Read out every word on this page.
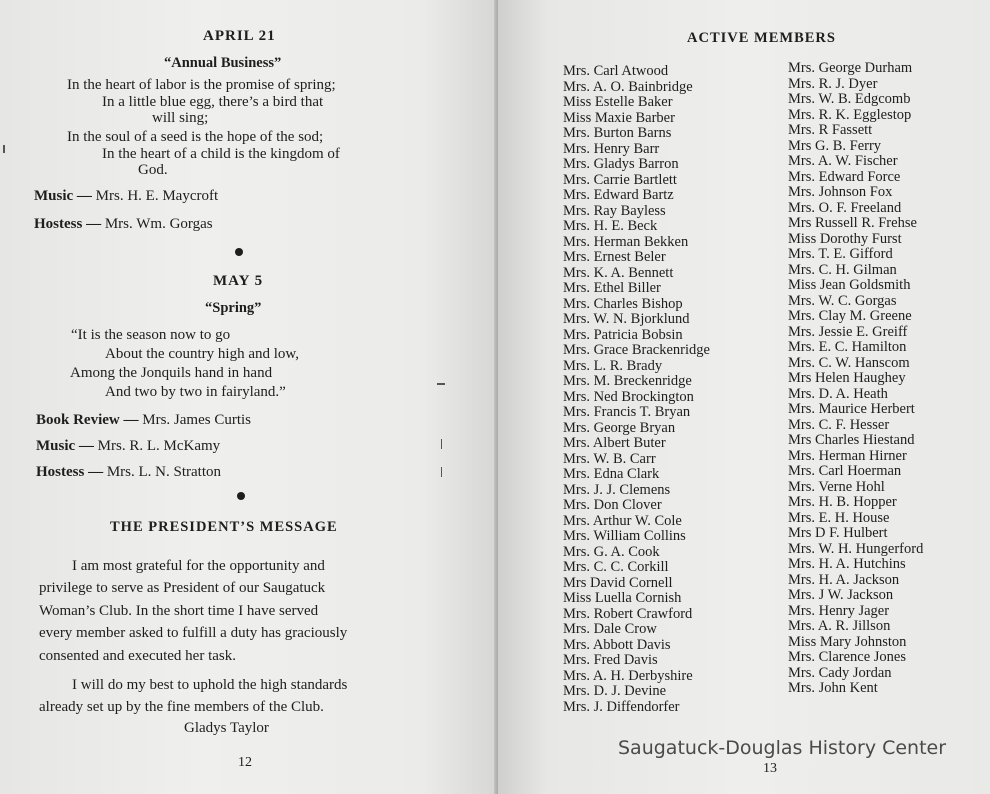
APRIL 21
“Annual Business”
In the heart of labor is the promise of spring;
In a little blue egg, there’s a bird that
will sing;
In the soul of a seed is the hope of the sod;
In the heart of a child is the kingdom of
God.
Music — Mrs. H. E. Maycroft
Hostess — Mrs. Wm. Gorgas
MAY 5
“Spring”
“It is the season now to go
About the country high and low,
Among the Jonquils hand in hand
And two by two in fairyland.”
Book Review — Mrs. James Curtis
Music — Mrs. R. L. McKamy
Hostess — Mrs. L. N. Stratton
THE PRESIDENT’S MESSAGE
I am most grateful for the opportunity and
privilege to serve as President of our Saugatuck
Woman’s Club. In the short time I have served
every member asked to fulfill a duty has graciously
consented and executed her task.
I will do my best to uphold the high standards
already set up by the fine members of the Club.
Gladys Taylor
12
ACTIVE MEMBERS
Mrs. Carl Atwood
Mrs. A. O. Bainbridge
Miss Estelle Baker
Miss Maxie Barber
Mrs. Burton Barns
Mrs. Henry Barr
Mrs. Gladys Barron
Mrs. Carrie Bartlett
Mrs. Edward Bartz
Mrs. Ray Bayless
Mrs. H. E. Beck
Mrs. Herman Bekken
Mrs. Ernest Beler
Mrs. K. A. Bennett
Mrs. Ethel Biller
Mrs. Charles Bishop
Mrs. W. N. Bjorklund
Mrs. Patricia Bobsin
Mrs. Grace Brackenridge
Mrs. L. R. Brady
Mrs. M. Breckenridge
Mrs. Ned Brockington
Mrs. Francis T. Bryan
Mrs. George Bryan
Mrs. Albert Buter
Mrs. W. B. Carr
Mrs. Edna Clark
Mrs. J. J. Clemens
Mrs. Don Clover
Mrs. Arthur W. Cole
Mrs. William Collins
Mrs. G. A. Cook
Mrs. C. C. Corkill
Mrs David Cornell
Miss Luella Cornish
Mrs. Robert Crawford
Mrs. Dale Crow
Mrs. Abbott Davis
Mrs. Fred Davis
Mrs. A. H. Derbyshire
Mrs. D. J. Devine
Mrs. J. Diffendorfer
Mrs. George Durham
Mrs. R. J. Dyer
Mrs. W. B. Edgcomb
Mrs. R. K. Egglestop
Mrs. R Fassett
Mrs G. B. Ferry
Mrs. A. W. Fischer
Mrs. Edward Force
Mrs. Johnson Fox
Mrs. O. F. Freeland
Mrs Russell R. Frehse
Miss Dorothy Furst
Mrs. T. E. Gifford
Mrs. C. H. Gilman
Miss Jean Goldsmith
Mrs. W. C. Gorgas
Mrs. Clay M. Greene
Mrs. Jessie E. Greiff
Mrs. E. C. Hamilton
Mrs. C. W. Hanscom
Mrs Helen Haughey
Mrs. D. A. Heath
Mrs. Maurice Herbert
Mrs. C. F. Hesser
Mrs Charles Hiestand
Mrs. Herman Hirner
Mrs. Carl Hoerman
Mrs. Verne Hohl
Mrs. H. B. Hopper
Mrs. E. H. House
Mrs D F. Hulbert
Mrs. W. H. Hungerford
Mrs. H. A. Hutchins
Mrs. H. A. Jackson
Mrs. J W. Jackson
Mrs. Henry Jager
Mrs. A. R. Jillson
Miss Mary Johnston
Mrs. Clarence Jones
Mrs. Cady Jordan
Mrs. John Kent
13
Saugatuck-Douglas History Center
